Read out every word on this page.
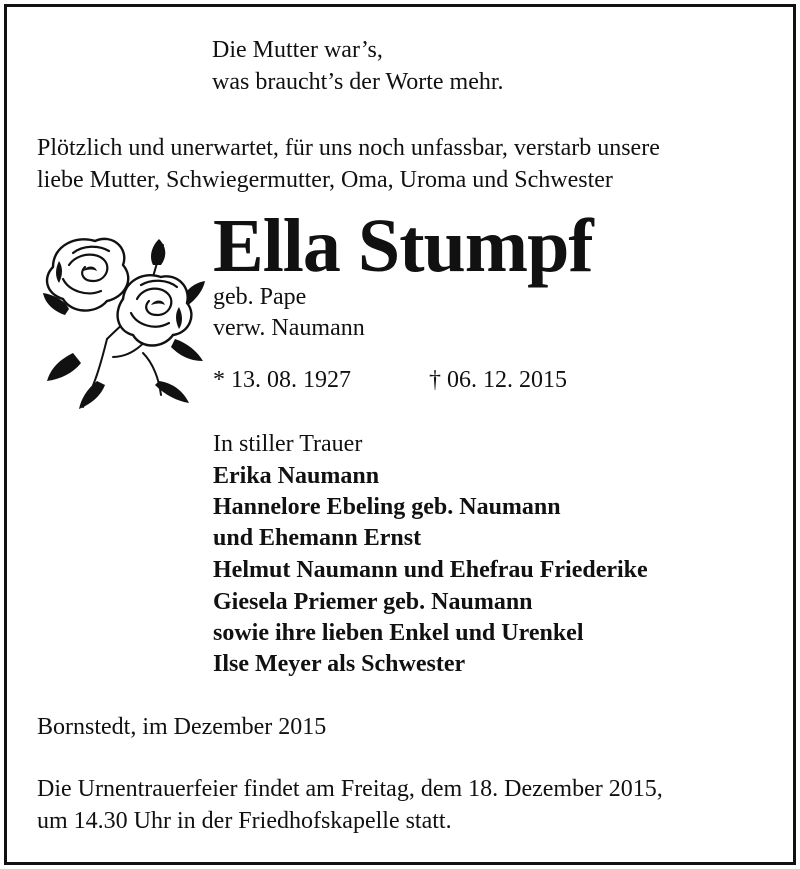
Die Mutter war’s,
was braucht’s der Worte mehr.
Plötzlich und unerwartet, für uns noch unfassbar, verstarb unsere
liebe Mutter, Schwiegermutter, Oma, Uroma und Schwester
Ella Stumpf
geb. Pape
verw. Naumann
* 13. 08. 1927	† 06. 12. 2015
In stiller Trauer
Erika Naumann
Hannelore Ebeling geb. Naumann
und Ehemann Ernst
Helmut Naumann und Ehefrau Friederike
Giesela Priemer geb. Naumann
sowie ihre lieben Enkel und Urenkel
Ilse Meyer als Schwester
Bornstedt, im Dezember 2015
Die Urnentrauerfeier findet am Freitag, dem 18. Dezember 2015,
um 14.30 Uhr in der Friedhofskapelle statt.
